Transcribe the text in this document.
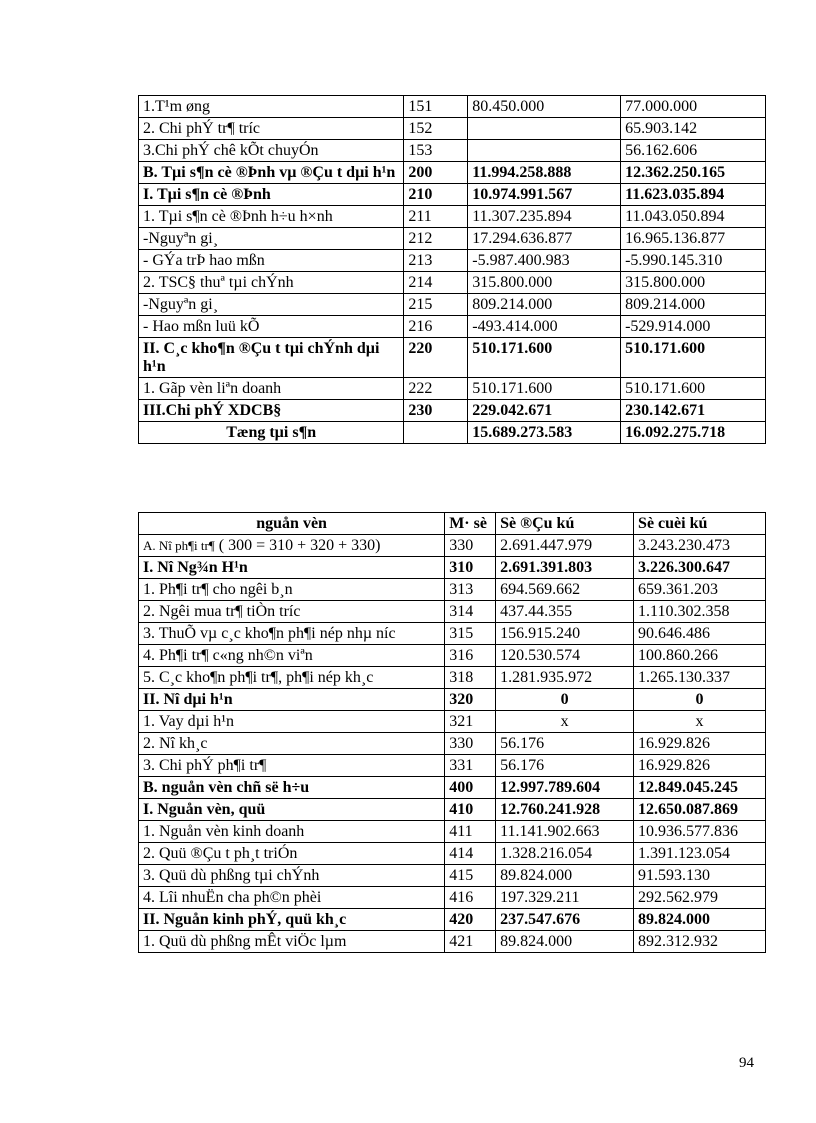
1.T¹m øng	151	80.450.000	77.000.000
2. Chi phÝ tr¶ tríc	152		65.903.142
3.Chi phÝ chê kÕt chuyÓn	153		56.162.606
B. Tµi s¶n cè ®Þnh vµ ®Çu t dµi h¹n	200	11.994.258.888	12.362.250.165
I. Tµi s¶n cè ®Þnh	210	10.974.991.567	11.623.035.894
1. Tµi s¶n cè ®Þnh h÷u h×nh	211	11.307.235.894	11.043.050.894
-Nguyªn gi¸	212	17.294.636.877	16.965.136.877
- GÝa trÞ hao mßn	213	-5.987.400.983	-5.990.145.310
2. TSC§ thuª tµi chÝnh	214	315.800.000	315.800.000
-Nguyªn gi¸	215	809.214.000	809.214.000
- Hao mßn luü kÕ	216	-493.414.000	-529.914.000
II. C¸c kho¶n ®Çu t tµi chÝnh dµi h¹n	220	510.171.600	510.171.600
1. Gãp vèn liªn doanh	222	510.171.600	510.171.600
III.Chi phÝ XDCB§	230	229.042.671	230.142.671
Tæng tµi s¶n		15.689.273.583	16.092.275.718
nguån vèn	M· sè	Sè ®Çu kú	Sè cuèi kú
A. Nî ph¶i tr¶ ( 300 = 310 + 320 + 330)	330	2.691.447.979	3.243.230.473
I. Nî Ng¾n H¹n	310	2.691.391.803	3.226.300.647
1. Ph¶i tr¶ cho ngêi b¸n	313	694.569.662	659.361.203
2. Ngêi mua tr¶ tiÒn tríc	314	437.44.355	1.110.302.358
3. ThuÕ vµ c¸c kho¶n ph¶i nép nhµ níc	315	156.915.240	90.646.486
4. Ph¶i tr¶ c«ng nh©n viªn	316	120.530.574	100.860.266
5. C¸c kho¶n ph¶i tr¶, ph¶i nép kh¸c	318	1.281.935.972	1.265.130.337
II. Nî dµi h¹n	320	0	0
1. Vay dµi h¹n	321	x	x
2. Nî kh¸c	330	56.176	16.929.826
3. Chi phÝ ph¶i tr¶	331	56.176	16.929.826
B. nguån vèn chñ së h÷u	400	12.997.789.604	12.849.045.245
I. Nguån vèn, quü	410	12.760.241.928	12.650.087.869
1. Nguån vèn kinh doanh	411	11.141.902.663	10.936.577.836
2. Quü ®Çu t ph¸t triÓn	414	1.328.216.054	1.391.123.054
3. Quü dù phßng tµi chÝnh	415	89.824.000	91.593.130
4. Lîi nhuËn cha ph©n phèi	416	197.329.211	292.562.979
II. Nguån kinh phÝ, quü kh¸c	420	237.547.676	89.824.000
1. Quü dù phßng mÊt viÖc lµm	421	89.824.000	892.312.932
94
